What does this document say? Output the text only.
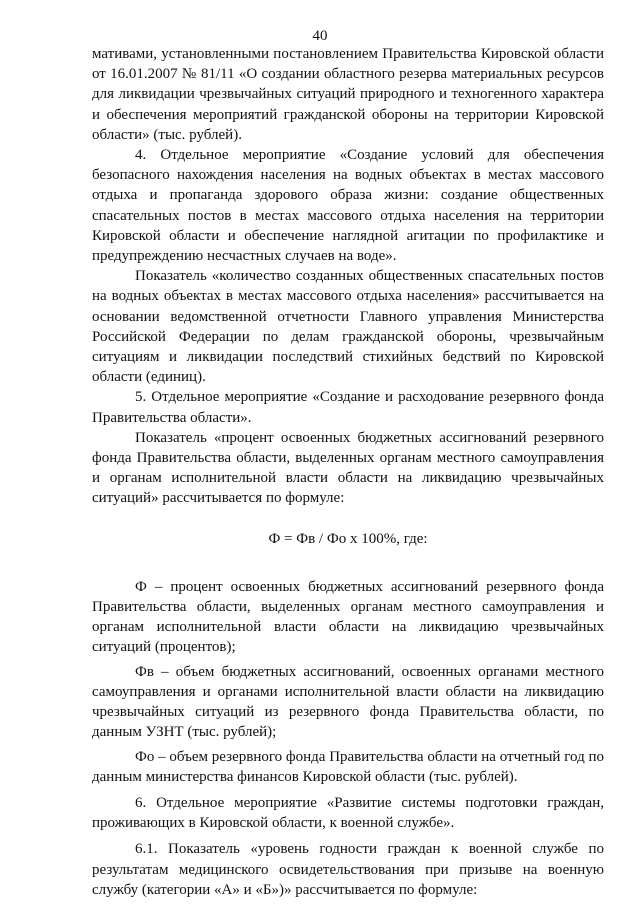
40

мативами, установленными постановлением Правительства Кировской области от 16.01.2007 № 81/11 «О создании областного резерва материальных ресурсов для ликвидации чрезвычайных ситуаций природного и техногенного характера и обеспечения мероприятий гражданской обороны на территории Кировской области» (тыс. рублей).

4. Отдельное мероприятие «Создание условий для обеспечения безопасного нахождения населения на водных объектах в местах массового отдыха и пропаганда здорового образа жизни: создание общественных спасательных постов в местах массового отдыха населения на территории Кировской области и обеспечение наглядной агитации по профилактике и предупреждению несчастных случаев на воде».

Показатель «количество созданных общественных спасательных постов на водных объектах в местах массового отдыха населения» рассчитывается на основании ведомственной отчетности Главного управления Министерства Российской Федерации по делам гражданской обороны, чрезвычайным ситуациям и ликвидации последствий стихийных бедствий по Кировской области (единиц).

5. Отдельное мероприятие «Создание и расходование резервного фонда Правительства области».

Показатель «процент освоенных бюджетных ассигнований резервного фонда Правительства области, выделенных органам местного самоуправления и органам исполнительной власти области на ликвидацию чрезвычайных ситуаций» рассчитывается по формуле:

Ф = Фв / Фо х 100%, где:

Ф – процент освоенных бюджетных ассигнований резервного фонда Правительства области, выделенных органам местного самоуправления и органам исполнительной власти области на ликвидацию чрезвычайных ситуаций (процентов);

Фв – объем бюджетных ассигнований, освоенных органами местного самоуправления и органами исполнительной власти области на ликвидацию чрезвычайных ситуаций из резервного фонда Правительства области, по данным УЗНТ (тыс. рублей);

Фо – объем резервного фонда Правительства области на отчетный год по данным министерства финансов Кировской области (тыс. рублей).

6. Отдельное мероприятие «Развитие системы подготовки граждан, проживающих в Кировской области, к военной службе».

6.1. Показатель «уровень годности граждан к военной службе по результатам медицинского освидетельствования при призыве на военную службу (категории «А» и «Б»)» рассчитывается по формуле:
